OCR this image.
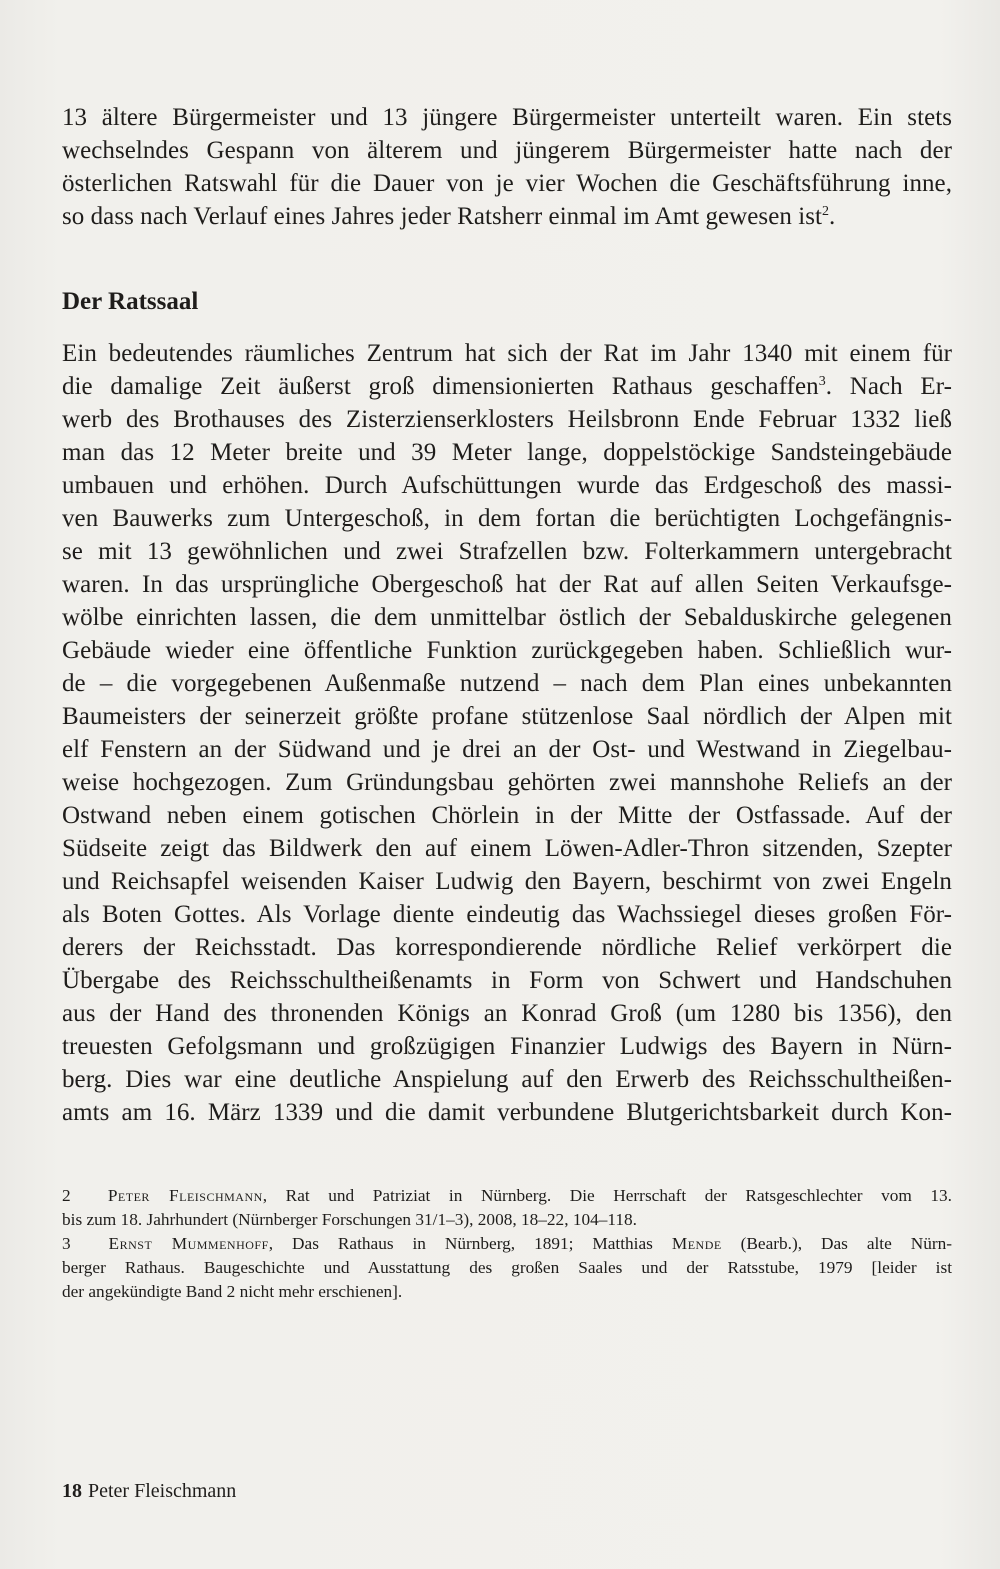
13 ältere Bürgermeister und 13 jüngere Bürgermeister unterteilt waren. Ein stets
wechselndes Gespann von älterem und jüngerem Bürgermeister hatte nach der
österlichen Ratswahl für die Dauer von je vier Wochen die Geschäftsführung inne,
so dass nach Verlauf eines Jahres jeder Ratsherr einmal im Amt gewesen ist$^2$.
Der Ratssaal
Ein bedeutendes räumliches Zentrum hat sich der Rat im Jahr 1340 mit einem für
die damalige Zeit äußerst groß dimensionierten Rathaus geschaffen$^3$. Nach Er-
werb des Brothauses des Zisterzienserklosters Heilsbronn Ende Februar 1332 ließ
man das 12 Meter breite und 39 Meter lange, doppelstöckige Sandsteingebäude
umbauen und erhöhen. Durch Aufschüttungen wurde das Erdgeschoß des massi-
ven Bauwerks zum Untergeschoß, in dem fortan die berüchtigten Lochgefängnis-
se mit 13 gewöhnlichen und zwei Strafzellen bzw. Folterkammern untergebracht
waren. In das ursprüngliche Obergeschoß hat der Rat auf allen Seiten Verkaufsge-
wölbe einrichten lassen, die dem unmittelbar östlich der Sebalduskirche gelegenen
Gebäude wieder eine öffentliche Funktion zurückgegeben haben. Schließlich wur-
de – die vorgegebenen Außenmaße nutzend – nach dem Plan eines unbekannten
Baumeisters der seinerzeit größte profane stützenlose Saal nördlich der Alpen mit
elf Fenstern an der Südwand und je drei an der Ost- und Westwand in Ziegelbau-
weise hochgezogen. Zum Gründungsbau gehörten zwei mannshohe Reliefs an der
Ostwand neben einem gotischen Chörlein in der Mitte der Ostfassade. Auf der
Südseite zeigt das Bildwerk den auf einem Löwen-Adler-Thron sitzenden, Szepter
und Reichsapfel weisenden Kaiser Ludwig den Bayern, beschirmt von zwei Engeln
als Boten Gottes. Als Vorlage diente eindeutig das Wachssiegel dieses großen För-
derers der Reichsstadt. Das korrespondierende nördliche Relief verkörpert die
Übergabe des Reichsschultheißenamts in Form von Schwert und Handschuhen
aus der Hand des thronenden Königs an Konrad Groß (um 1280 bis 1356), den
treuesten Gefolgsmann und großzügigen Finanzier Ludwigs des Bayern in Nürn-
berg. Dies war eine deutliche Anspielung auf den Erwerb des Reichsschultheißen-
amts am 16. März 1339 und die damit verbundene Blutgerichtsbarkeit durch Kon-
2 Peter Fleischmann, Rat und Patriziat in Nürnberg. Die Herrschaft der Ratsgeschlechter vom 13.
bis zum 18. Jahrhundert (Nürnberger Forschungen 31/1–3), 2008, 18–22, 104–118.
3 Ernst Mummenhoff, Das Rathaus in Nürnberg, 1891; Matthias Mende (Bearb.), Das alte Nürn-
berger Rathaus. Baugeschichte und Ausstattung des großen Saales und der Ratsstube, 1979 [leider ist
der angekündigte Band 2 nicht mehr erschienen].
18 Peter Fleischmann
